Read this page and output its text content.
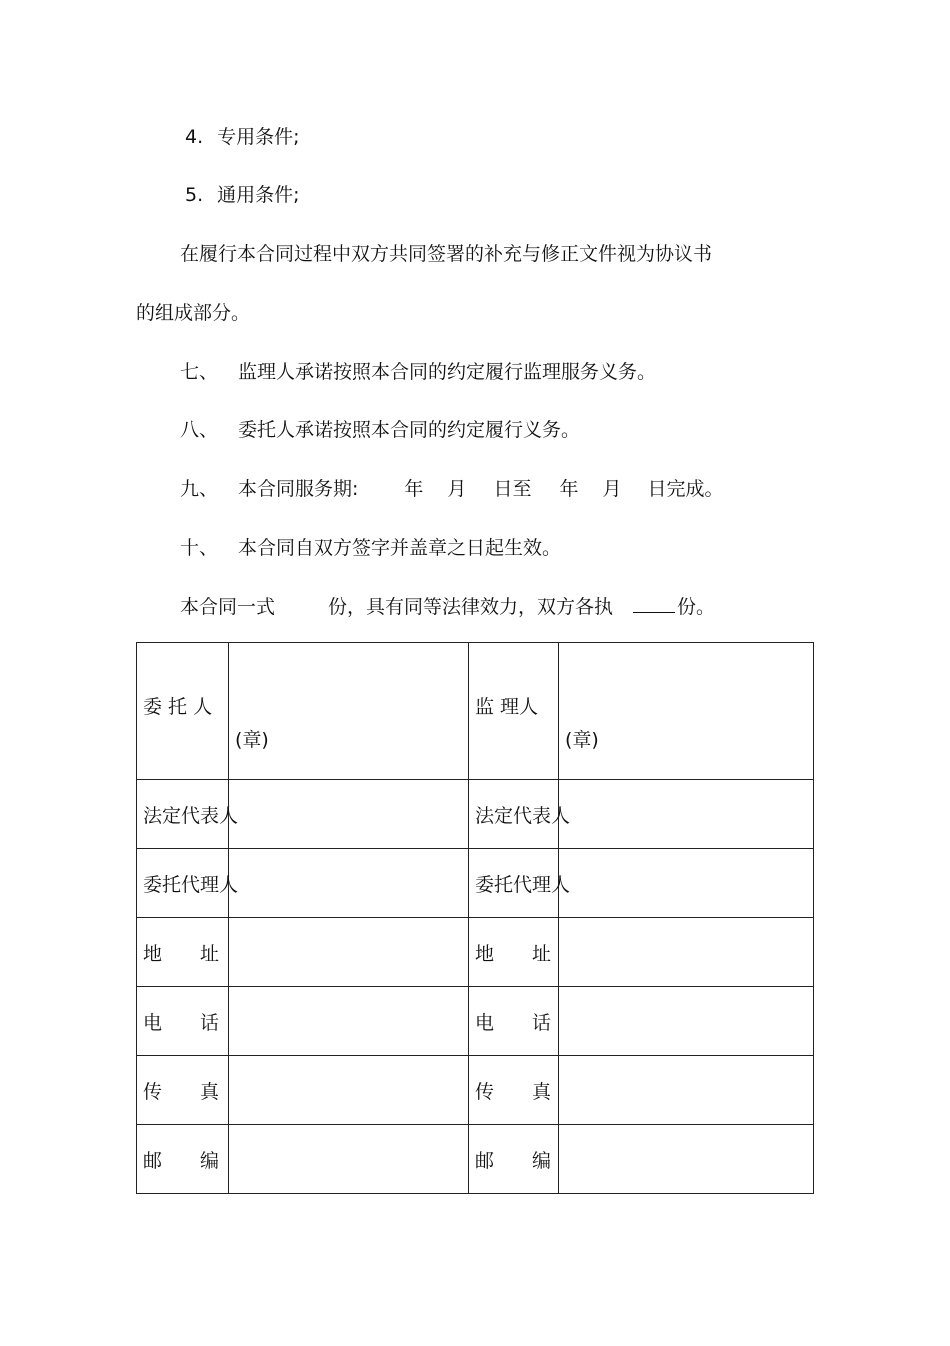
4. 专用条件;
5. 通用条件;
在履行本合同过程中双方共同签署的补充与修正文件视为协议书
的组成部分。
七、 监理人承诺按照本合同的约定履行监理服务义务。
八、 委托人承诺按照本合同的约定履行义务。
九、 本合同服务期: 年 月 日至 年 月 日完成。
十、 本合同自双方签字并盖章之日起生效。
本合同一式	份，具有同等法律效力，双方各执	份。
委 托 人	(章)	监 理人	(章)

法定代表人		法定代表人	
委托代理人		委托代理人	

地 址		地 址	

电 话		电 话	

传 真		传 真	

邮 编		邮 编	
